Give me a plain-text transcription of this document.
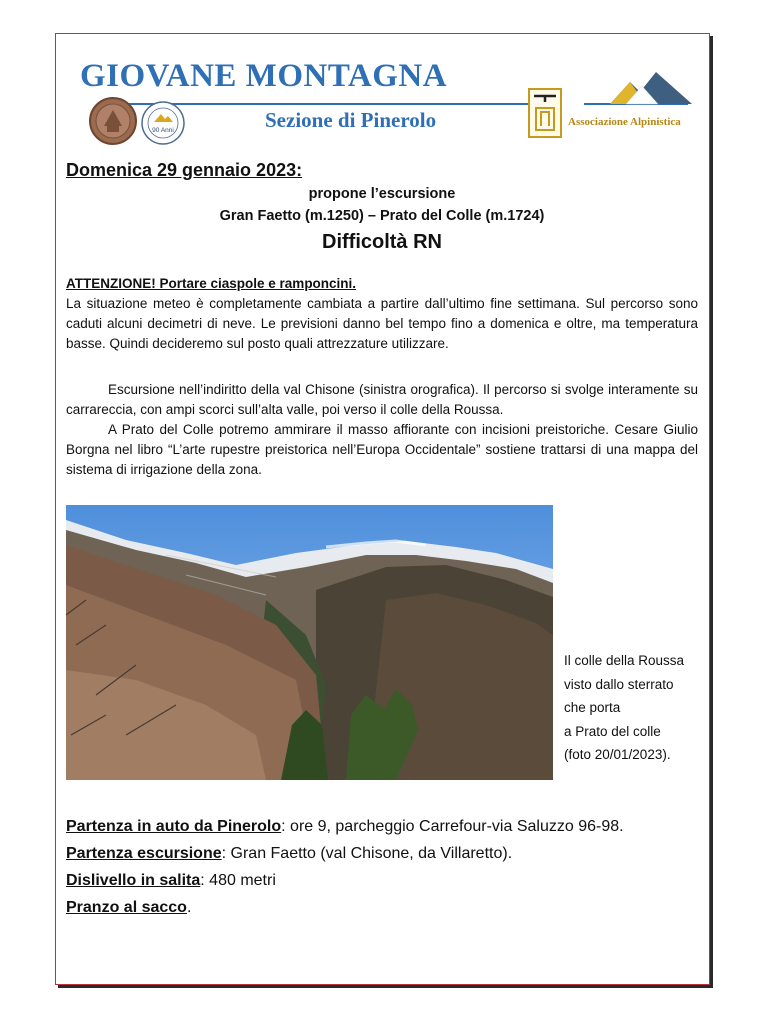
GIOVANE MONTAGNA
Sezione di Pinerolo
90 Anni
Associazione Alpinistica
Domenica 29 gennaio 2023:
propone l’escursione
Gran Faetto (m.1250) – Prato del Colle (m.1724)
Difficoltà RN
ATTENZIONE! Portare ciaspole e ramponcini.

La situazione meteo è completamente cambiata a partire dall’ultimo fine settimana. Sul percorso sono caduti alcuni decimetri di neve. Le previsioni danno bel tempo fino a domenica e oltre, ma temperatura basse. Quindi decideremo sul posto quali attrezzature utilizzare.

Escursione nell’indiritto della val Chisone (sinistra orografica). Il percorso si svolge interamente su carrareccia, con ampi scorci sull’alta valle, poi verso il colle della Roussa.

A Prato del Colle potremo ammirare il masso affiorante con incisioni preistoriche. Cesare Giulio Borgna nel libro “L’arte rupestre preistorica nell’Europa Occidentale” sostiene trattarsi di una mappa del sistema di irrigazione della zona.

Il colle della Roussa
visto dallo sterrato
che porta
a Prato del colle
(foto 20/01/2023).

Partenza in auto da Pinerolo: ore 9, parcheggio Carrefour-via Saluzzo 96-98.
Partenza escursione: Gran Faetto (val Chisone, da Villaretto).
Dislivello in salita: 480 metri
Pranzo al sacco.
